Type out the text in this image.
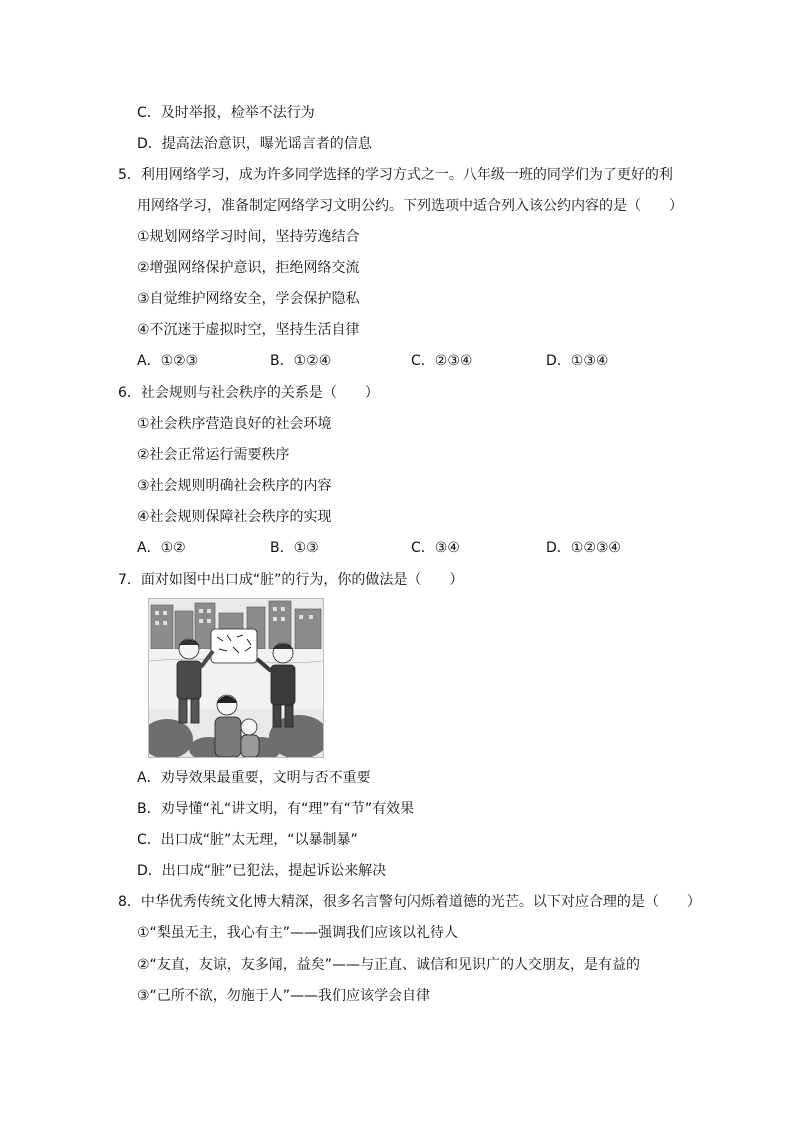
C．及时举报，检举不法行为
D．提高法治意识，曝光谣言者的信息
5．利用网络学习，成为许多同学选择的学习方式之一。八年级一班的同学们为了更好的利
用网络学习，准备制定网络学习文明公约。下列选项中适合列入该公约内容的是（　　）
①规划网络学习时间，坚持劳逸结合
②增强网络保护意识，拒绝网络交流
③自觉维护网络安全，学会保护隐私
④不沉迷于虚拟时空，坚持生活自律
A．①②③	B．①②④	C．②③④	D．①③④
6．社会规则与社会秩序的关系是（　　）
①社会秩序营造良好的社会环境
②社会正常运行需要秩序
③社会规则明确社会秩序的内容
④社会规则保障社会秩序的实现
A．①②	B．①③	C．③④	D．①②③④
7．面对如图中出口成“脏”的行为，你的做法是（　　）
A．劝导效果最重要，文明与否不重要
B．劝导懂“礼“讲文明，有“理”有“节”有效果
C．出口成“脏”太无理，“以暴制暴”
D．出口成“脏”已犯法，提起诉讼来解决
8．中华优秀传统文化博大精深，很多名言警句闪烁着道德的光芒。以下对应合理的是（　　）
①“梨虽无主，我心有主”——强调我们应该以礼待人
②“友直，友谅，友多闻，益矣”——与正直、诚信和见识广的人交朋友，是有益的
③“己所不欲，勿施于人”——我们应该学会自律
